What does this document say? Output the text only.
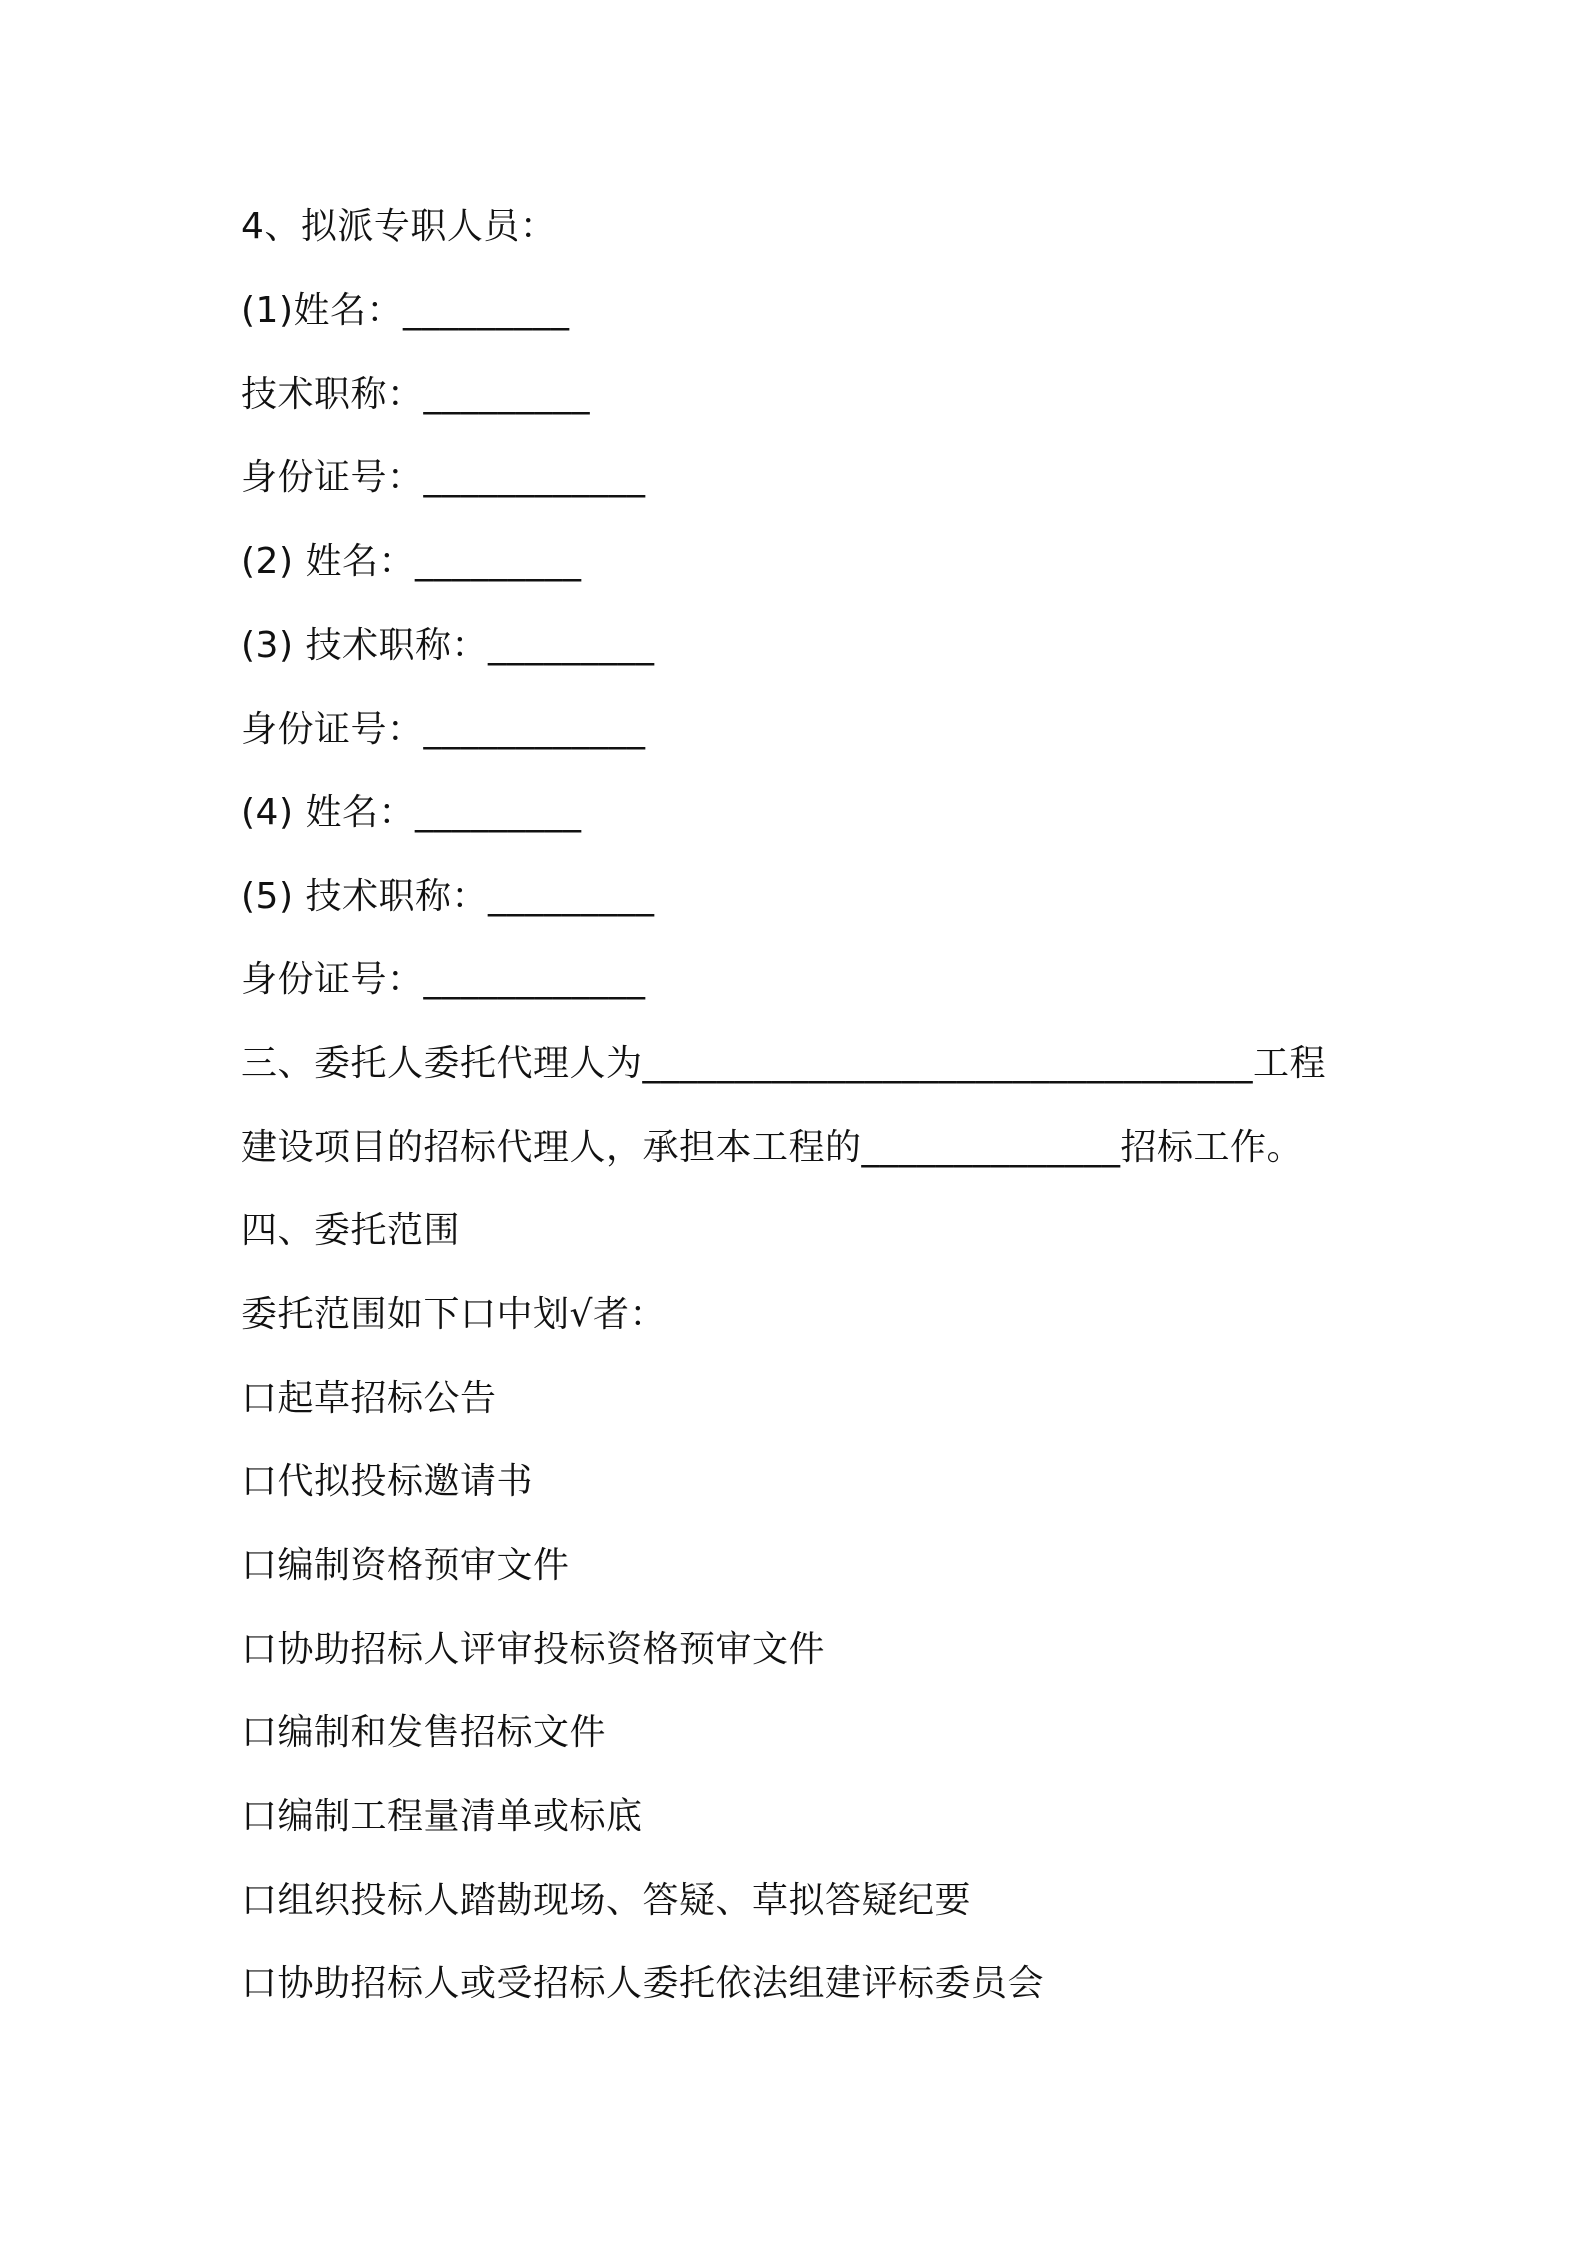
4、拟派专职人员：
(1)姓名：_________
技术职称：_________
身份证号：____________
(2) 姓名：_________
(3) 技术职称：_________
身份证号：____________
(4) 姓名：_________
(5) 技术职称：_________
身份证号：____________
三、委托人委托代理人为_________________________________工程
建设项目的招标代理人，承担本工程的______________招标工作。
四、委托范围
委托范围如下口中划√者：
口起草招标公告
口代拟投标邀请书
口编制资格预审文件
口协助招标人评审投标资格预审文件
口编制和发售招标文件
口编制工程量清单或标底
口组织投标人踏勘现场、答疑、草拟答疑纪要
口协助招标人或受招标人委托依法组建评标委员会
